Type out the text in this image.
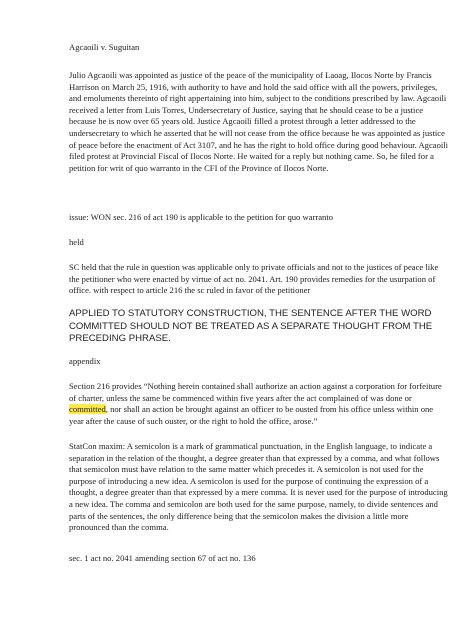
Agcaoili v. Suguitan

Julio Agcaoili was appointed as justice of the peace of the municipality of Laoag, Ilocos Norte by Francis Harrison on March 25, 1916, with authority to have and hold the said office with all the powers, privileges, and emoluments thereinto of right appertaining into him, subject to the conditions prescribed by law. Agcaoili received a letter from Luis Torres, Undersecretary of Justice, saying that he should cease to be a justice because he is now over 65 years old. Justice Agcaoili filled a protest through a letter addressed to the undersecretary to which he asserted that he will not cease from the office because he was appointed as justice of peace before the enactment of Act 3107, and he has the right to hold office during good behaviour. Agcaoili filed protest at Provincial Fiscal of Ilocos Norte. He waited for a reply but nothing came. So, he filed for a petition for writ of quo warranto in the CFI of the Province of Ilocos Norte.

issue: WON sec. 216 of act 190 is applicable to the petition for quo warranto

held

SC held that the rule in question was applicable only to private officials and not to the justices of peace like the petitioner who were enacted by virtue of act no. 2041. Art. 190 provides remedies for the usurpation of office. with respect to article 216 the sc ruled in favor of the petitioner

APPLIED TO STATUTORY CONSTRUCTION, THE SENTENCE AFTER THE WORD COMMITTED SHOULD NOT BE TREATED AS A SEPARATE THOUGHT FROM THE PRECEDING PHRASE.

appendix

Section 216 provides “Nothing herein contained shall authorize an action against a corporation for forfeiture of charter, unless the same be commenced within five years after the act complained of was done or committed, nor shall an action be brought against an officer to be ousted from his office unless within one year after the cause of such ouster, or the right to hold the office, arose.”

StatCon maxim: A semicolon is a mark of grammatical punctuation, in the English language, to indicate a separation in the relation of the thought, a degree greater than that expressed by a comma, and what follows that semicolon must have relation to the same matter which precedes it. A semicolon is not used for the purpose of introducing a new idea. A semicolon is used for the purpose of continuing the expression of a thought, a degree greater than that expressed by a mere comma. It is never used for the purpose of introducing a new idea. The comma and semicolon are both used for the same purpose, namely, to divide sentences and parts of the sentences, the only difference being that the semicolon makes the division a little more pronounced than the comma.

sec. 1 act no. 2041 amending section 67 of act no. 136
